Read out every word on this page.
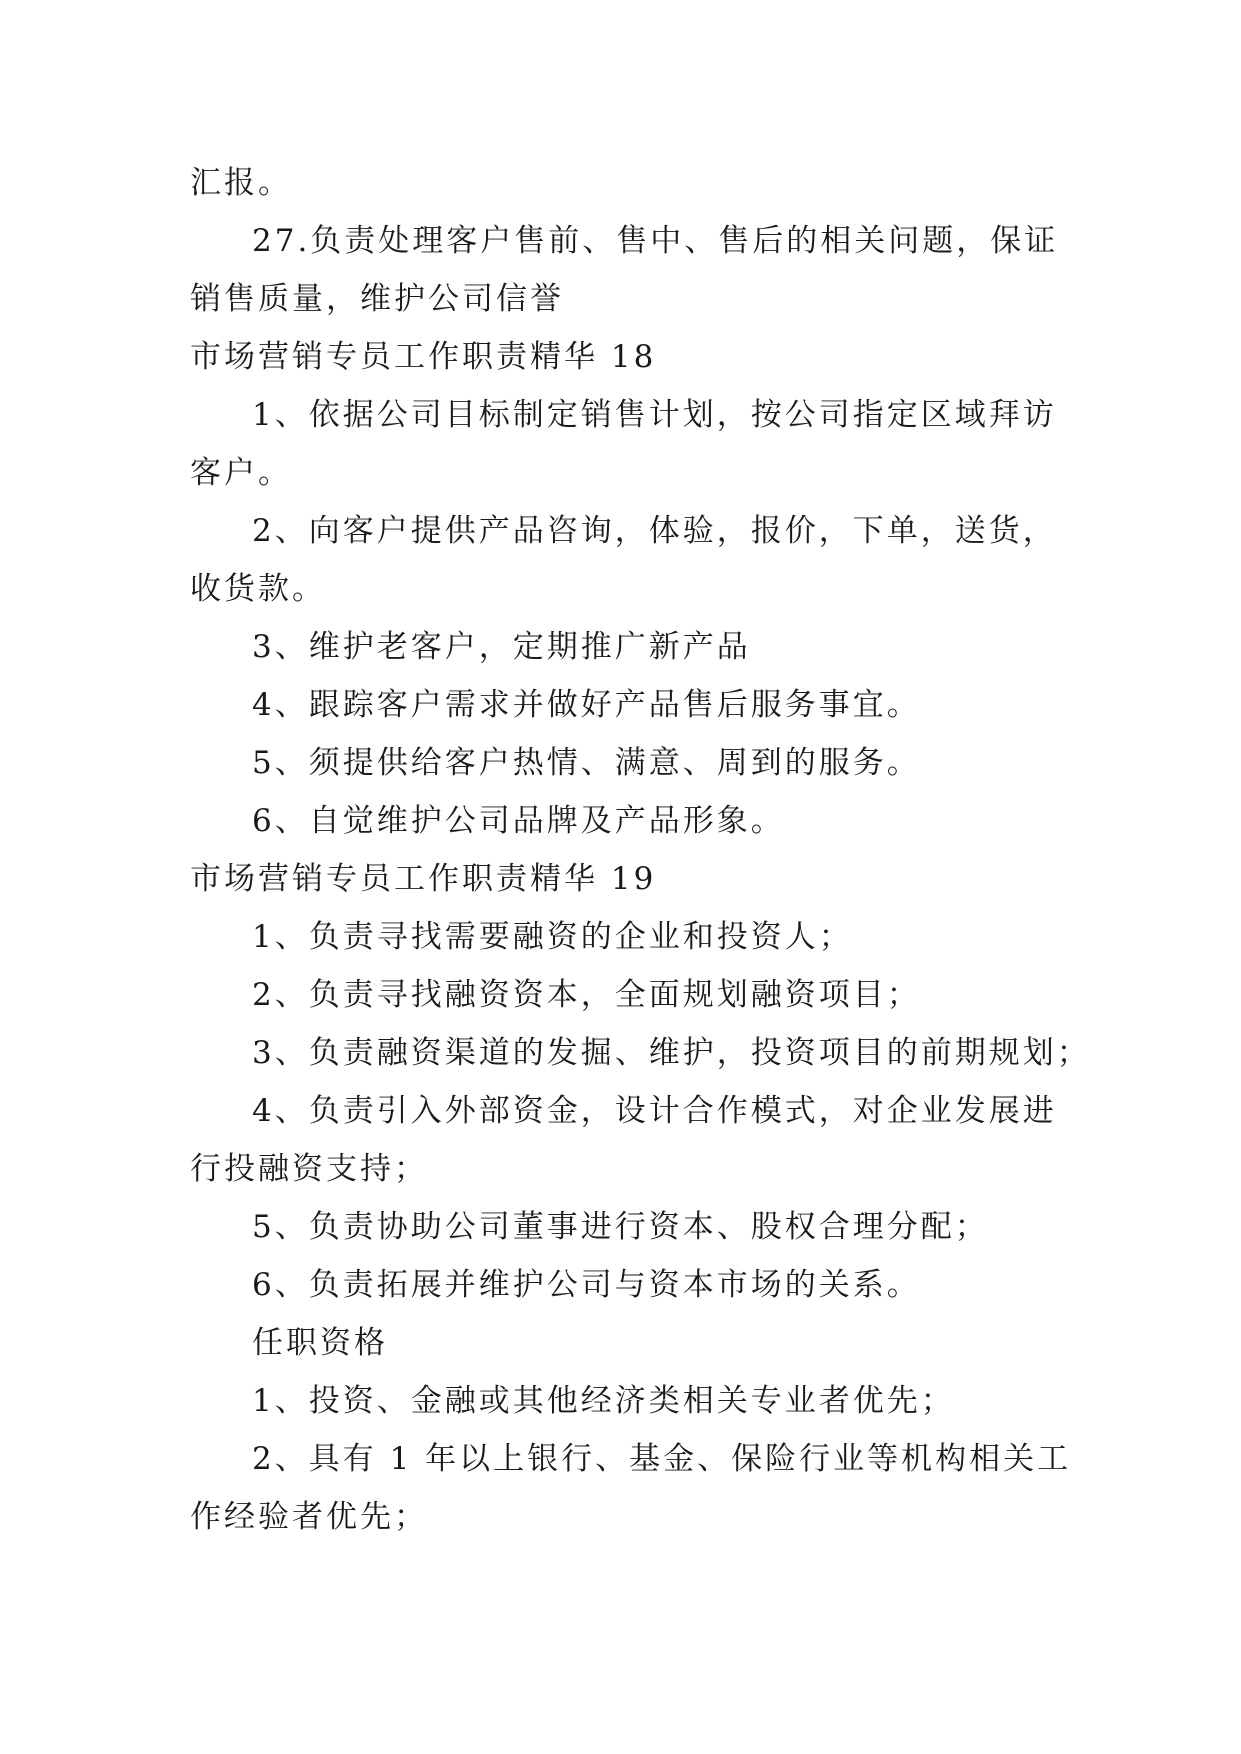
汇报。
27.负责处理客户售前、售中、售后的相关问题，保证
销售质量，维护公司信誉
市场营销专员工作职责精华 18
1、依据公司目标制定销售计划，按公司指定区域拜访
客户。
2、向客户提供产品咨询，体验，报价，下单，送货，
收货款。
3、维护老客户，定期推广新产品
4、跟踪客户需求并做好产品售后服务事宜。
5、须提供给客户热情、满意、周到的服务。
6、自觉维护公司品牌及产品形象。
市场营销专员工作职责精华 19
1、负责寻找需要融资的企业和投资人；
2、负责寻找融资资本，全面规划融资项目；
3、负责融资渠道的发掘、维护，投资项目的前期规划；
4、负责引入外部资金，设计合作模式，对企业发展进
行投融资支持；
5、负责协助公司董事进行资本、股权合理分配；
6、负责拓展并维护公司与资本市场的关系。
任职资格
1、投资、金融或其他经济类相关专业者优先；
2、具有 1 年以上银行、基金、保险行业等机构相关工
作经验者优先；
